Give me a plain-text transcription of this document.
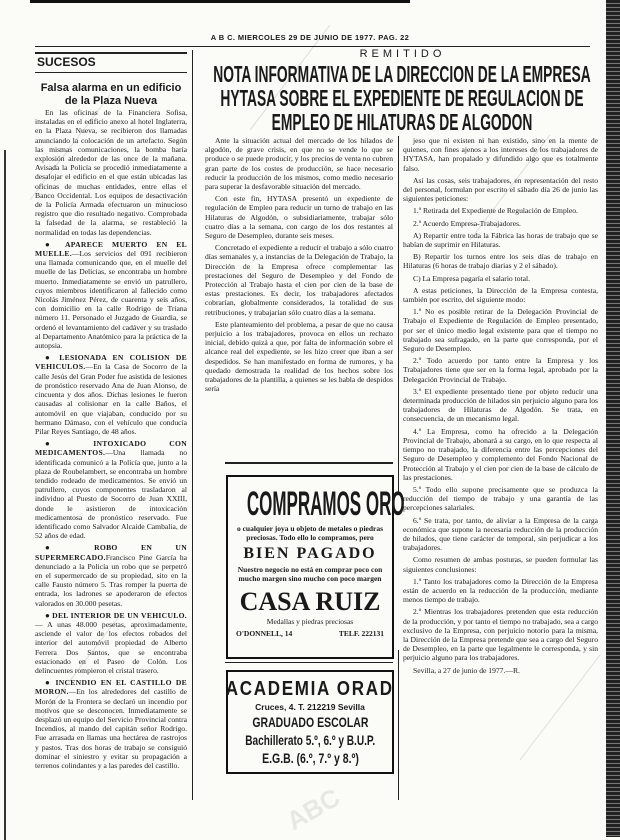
ABC
A B C. MIERCOLES 29 DE JUNIO DE 1977. PAG. 22
SUCESOS
Falsa alarma en un edificio de la Plaza Nueva

En las oficinas de la Financiera Sofisa, instaladas en el edificio anexo al hotel Inglaterra, en la Plaza Nueva, se recibieron dos llamadas anunciando la colocación de un artefacto. Según las mismas comunicaciones, la bomba haría explosión alrededor de las once de la mañana. Avisada la Policía se procedió inmediatamente a desalojar el edificio en el que están ubicadas las oficinas de muchas entidades, entre ellas el Banco Occidental. Los equipos de desactivación de la Policía Armada efectuaron un minucioso registro que dio resultado negativo. Comprobada la falsedad de la alarma, se restableció la normalidad en todas las dependencias.

● APARECE MUERTO EN EL MUELLE.—Los servicios del 091 recibieron una llamada comunicando que, en el muelle del muelle de las Delicias, se encontraba un hombre muerto. Inmediatamente se envió un patrullero, cuyos miembros identificaron al fallecido como Nicolás Jiménez Pérez, de cuarenta y seis años, con domicilio en la calle Rodrigo de Triana número 11. Personado el Juzgado de Guardia, se ordenó el levantamiento del cadáver y su traslado al Departamento Anatómico para la práctica de la autopsia.

● LESIONADA EN COLISION DE VEHICULOS.—En la Casa de Socorro de la calle Jesús del Gran Poder fue asistida de lesiones de pronóstico reservado Ana de Juan Alonso, de cincuenta y dos años. Dichas lesiones le fueron causadas al colisionar en la calle Baños, el automóvil en que viajaban, conducido por su hermano Dámaso, con el vehículo que conducía Pilar Reyes Santiago, de 48 años.

● INTOXICADO CON MEDICAMENTOS.—Una llamada no identificada comunicó a la Policía que, junto a la plaza de Roubelambert, se encontraba un hombre tendido rodeado de medicamentos. Se envió un patrullero, cuyos componentes trasladaron al individuo al Puesto de Socorro de Juan XXIII, donde le asistieron de intoxicación medicamentosa de pronóstico reservado. Fue identificado como Salvador Alcaide Cambalia, de 52 años de edad.

● ROBO EN UN SUPERMERCADO.Francisco Pine García ha denunciado a la Policía un robo que se perpetró en el supermercado de su propiedad, sito en la calle Fausto número 5. Tras romper la puerta de entrada, los ladrones se apoderaron de efectos valorados en 30.000 pesetas.

● DEL INTERIOR DE UN VEHICULO. — A unas 48.000 pesetas, aproximadamente, asciende el valor de los efectos robados del interior del automóvil propiedad de Alberto Ferrera Dos Santos, que se encontraba estacionado en el Paseo de Colón. Los delincuentes rompieron el cristal trasero.

● INCENDIO EN EL CASTILLO DE MORON.—En los alrededores del castillo de Morón de la Frontera se declaró un incendio por motivos que se desconocen. Inmediatamente se desplazó un equipo del Servicio Provincial contra Incendios, al mando del capitán señor Rodrigo. Fue arrasada en llamas una hectárea de rastrojos y pastos. Tras dos horas de trabajo se consiguió dominar el siniestro y evitar su propagación a terrenos colindantes y a las paredes del castillo.

REMITIDO
NOTA INFORMATIVA DE LA DIRECCION DE LA EMPRESA
HYTASA SOBRE EL EXPEDIENTE DE REGULACION DE
EMPLEO DE HILATURAS DE ALGODON

Ante la situación actual del mercado de los hilados de algodón, de grave crisis, en que no se vende lo que se produce o se puede producir, y los precios de venta no cubren gran parte de los costes de producción, se hace necesario reducir la producción de los mismos, como medio necesario para superar la desfavorable situación del mercado.

Con este fin, HYTASA presentó un expediente de regulación de Empleo para reducir un turno de trabajo en las Hilaturas de Algodón, o subsidiariamente, trabajar sólo cuatro días a la semana, con cargo de los dos restantes al Seguro de Desempleo, durante seis meses.

Concretado el expediente a reducir el trabajo a sólo cuatro días semanales y, a instancias de la Delegación de Trabajo, la Dirección de la Empresa ofrece complementar las prestaciones del Seguro de Desempleo y del Fondo de Protección al Trabajo hasta el cien por cien de la base de estas prestaciones. Es decir, los trabajadores afectados cobrarían, globalmente considerados, la totalidad de sus retribuciones, y trabajarían sólo cuatro días a la semana.

Este planteamiento del problema, a pesar de que no causa perjuicio a los trabajadores, provoca en ellos un rechazo inicial, debido quizá a que, por falta de información sobre el alcance real del expediente, se les hizo creer que iban a ser despedidos. Se han manifestado en forma de rumores, y ha quedado demostrada la realidad de los hechos sobre los trabajadores de la plantilla, a quienes se les habla de despidos sería

jeso que ni existen ni han existido, sino en la mente de quienes, con fines ajenos a los intereses de los trabajadores de HYTASA, han propalado y difundido algo que es totalmente falso.

Así las cosas, seis trabajadores, en representación del resto del personal, formulan por escrito el sábado día 26 de junio las siguientes peticiones:

1.º Retirada del Expediente de Regulación de Empleo.

2.º Acuerdo Empresa-Trabajadores.

A) Repartir entre toda la Fábrica las horas de trabajo que se habían de suprimir en Hilaturas.

B) Repartir los turnos entre los seis días de trabajo en Hilaturas (6 horas de trabajo diarias y 2 el sábado).

C) La Empresa pagaría el salario total.

A estas peticiones, la Dirección de la Empresa contesta, también por escrito, del siguiente modo:

1.º No es posible retirar de la Delegación Provincial de Trabajo el Expediente de Regulación de Empleo presentado, por ser el único medio legal existente para que el tiempo no trabajado sea sufragado, en la parte que corresponda, por el Seguro de Desempleo.

2.º Todo acuerdo por tanto entre la Empresa y los Trabajadores tiene que ser en la forma legal, aprobado por la Delegación Provincial de Trabajo.

3.º El expediente presentado tiene por objeto reducir una determinada producción de hilados sin perjuicio alguno para los trabajadores de Hilaturas de Algodón. Se trata, en consecuencia, de un mecanismo legal.

4.º La Empresa, como ha ofrecido a la Delegación Provincial de Trabajo, abonará a su cargo, en lo que respecta al tiempo no trabajado, la diferencia entre las percepciones del Seguro de Desempleo y complemento del Fondo Nacional de Protección al Trabajo y el cien por cien de la base de cálculo de las prestaciones.

5.º Todo ello supone precisamente que se produzca la reducción del tiempo de trabajo y una garantía de las percepciones salariales.

6.º Se trata, por tanto, de aliviar a la Empresa de la carga económica que supone la necesaria reducción de la producción de hilados, que tiene carácter de temporal, sin perjudicar a los trabajadores.

Como resumen de ambas posturas, se pueden formular las siguientes conclusiones:

1.º Tanto los trabajadores como la Dirección de la Empresa están de acuerdo en la reducción de la producción, mediante menos tiempo de trabajo.

2.º Mientras los trabajadores pretenden que esta reducción de la producción, y por tanto el tiempo no trabajado, sea a cargo exclusivo de la Empresa, con perjuicio notorio para la misma, la Dirección de la Empresa pretende que sea a cargo del Seguro de Desempleo, en la parte que legalmente le corresponda, y sin perjuicio alguno para los trabajadores.

Sevilla, a 27 de junio de 1977.—R.

COMPRAMOS ORO
o cualquier joya u objeto de metales o piedras preciosas. Todo ello lo compramos, pero
BIEN PAGADO
Nuestro negocio no está en comprar poco con mucho margen sino mucho con poco margen
CASA RUIZ
Medallas y piedras preciosas
O'DONNELL, 14	TELF. 222131
ACADEMIA ORAD
Cruces, 4. T. 212219 Sevilla
GRADUADO ESCOLAR
Bachillerato 5.º, 6.º y B.U.P.
E.G.B. (6.º, 7.º y 8.º)
